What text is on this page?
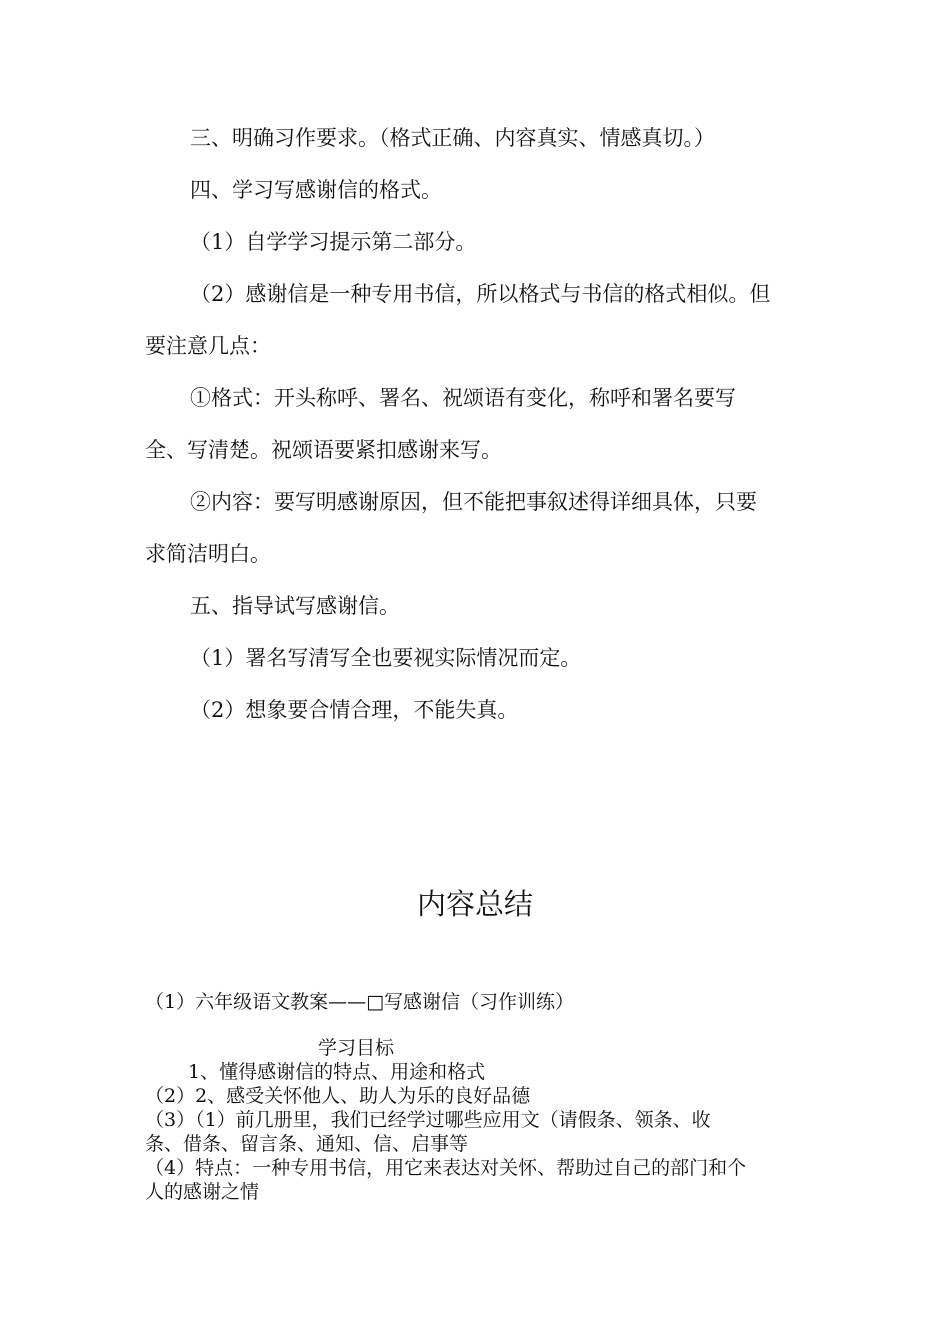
三、明确习作要求。（格式正确、内容真实、情感真切。）
四、学习写感谢信的格式。
（1）自学学习提示第二部分。
（2）感谢信是一种专用书信，所以格式与书信的格式相似。但
要注意几点：
①格式：开头称呼、署名、祝颂语有变化，称呼和署名要写
全、写清楚。祝颂语要紧扣感谢来写。
②内容：要写明感谢原因，但不能把事叙述得详细具体，只要
求简洁明白。
五、指导试写感谢信。
（1）署名写清写全也要视实际情况而定。
（2）想象要合情合理，不能失真。
内容总结
（1）六年级语文教案——□写感谢信（习作训练）
学习目标
1、懂得感谢信的特点、用途和格式
（2）2、感受关怀他人、助人为乐的良好品德
（3）（1）前几册里，我们已经学过哪些应用文（请假条、领条、收
条、借条、留言条、通知、信、启事等
（4）特点：一种专用书信，用它来表达对关怀、帮助过自己的部门和个
人的感谢之情
